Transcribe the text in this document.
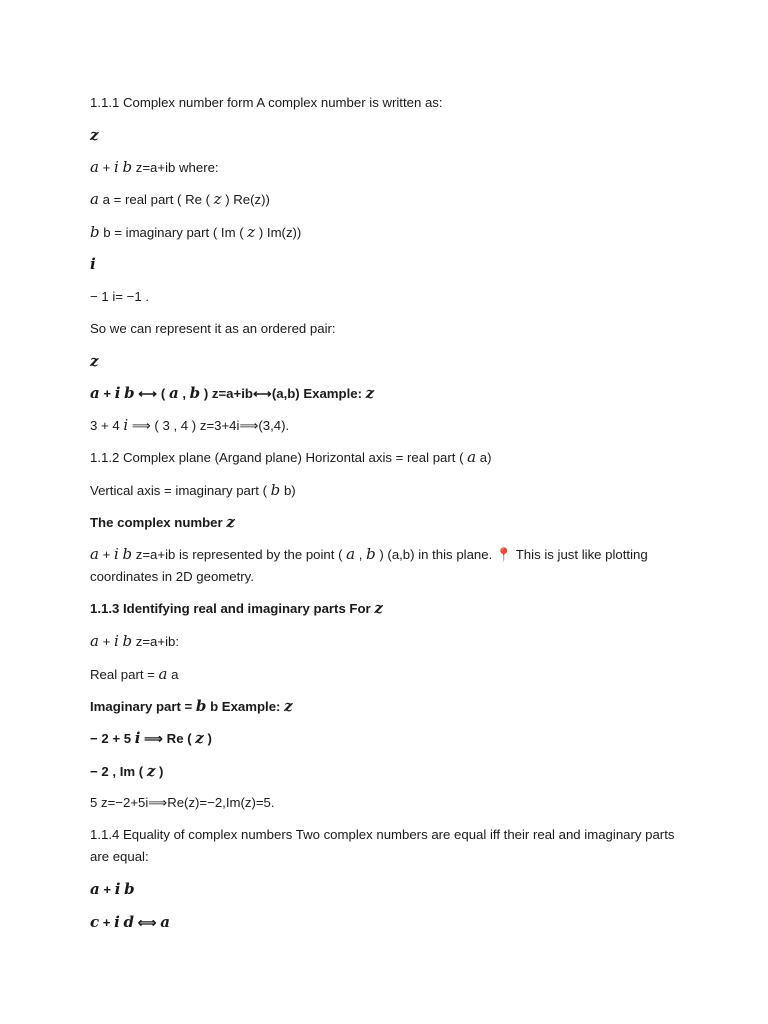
1.1.1 Complex number form A complex number is written as:
z
a + i b z=a+ib where:
a a = real part ( Re ( z ) Re(z))
b b = imaginary part ( Im ( z ) Im(z))
i
− 1 i= −1 .
So we can represent it as an ordered pair:
z
a + i b ⟷ ( a , b ) z=a+ib⟷(a,b) Example: z
3 + 4 i ⟹ ( 3 , 4 ) z=3+4i⟹(3,4).
1.1.2 Complex plane (Argand plane) Horizontal axis = real part ( a a)
Vertical axis = imaginary part ( b b)
The complex number z
a + i b z=a+ib is represented by the point ( a , b ) (a,b) in this plane. 📍 This is just like plotting coordinates in 2D geometry.
1.1.3 Identifying real and imaginary parts For z
a + i b z=a+ib:
Real part = a a
Imaginary part = b b Example: z
− 2 + 5 i ⟹ Re ( z )
− 2 , Im ( z )
5 z=−2+5i⟹Re(z)=−2,Im(z)=5.
1.1.4 Equality of complex numbers Two complex numbers are equal iff their real and imaginary parts are equal:
a + i b
c + i d ⟺ a
